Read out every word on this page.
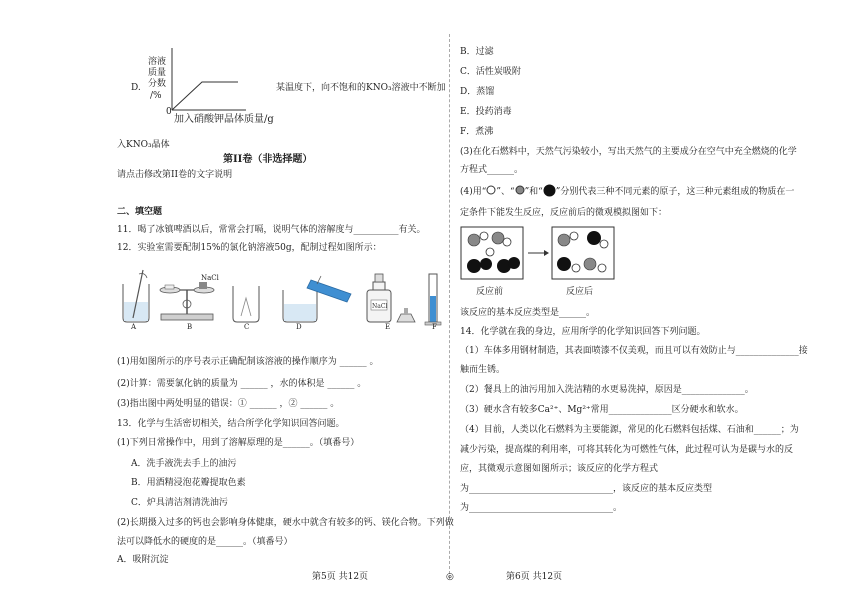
D.
溶液
质量
分数
/%
0
加入硝酸钾晶体质量/g
某温度下，向不饱和的KNO₃溶液中不断加
入KNO₃晶体
第II卷（非选择题）
请点击修改第II卷的文字说明
二、填空题
11．喝了冰镇啤酒以后，常常会打嗝，说明气体的溶解度与__________有关。
12．实验室需要配制15%的氯化钠溶液50g，配制过程如图所示：
NaCl
NaCl
A	B	C	D	E	F
(1)用如图所示的序号表示正确配制该溶液的操作顺序为 ______ 。
(2)计算：需要氯化钠的质量为 ______ ，水的体积是 ______ 。
(3)指出图中两处明显的错误：① ______ ，② ______ 。
13．化学与生活密切相关，结合所学化学知识回答问题。
(1)下列日常操作中，用到了溶解原理的是______。（填番号）
A．洗手液洗去手上的油污
B．用酒精浸泡花瓣提取色素
C．炉具清洁剂清洗油污
(2)长期摄入过多的钙也会影响身体健康，硬水中就含有较多的钙、镁化合物。下列做
法可以降低水的硬度的是______。（填番号）
A．吸附沉淀
B．过滤
C．活性炭吸附
D．蒸馏
E．投药消毒
F．煮沸
(3)在化石燃料中，天然气污染较小，写出天然气的主要成分在空气中充全燃烧的化学
方程式______。
(4)用“ ”、“ ”和“ ”分别代表三种不同元素的原子，这三种元素组成的物质在一
定条件下能发生反应，反应前后的微观模拟图如下：
反应前	反应后
该反应的基本反应类型是______。
14．化学就在我的身边，应用所学的化学知识回答下列问题。
（1）车体多用钢材制造，其表面喷漆不仅美观，而且可以有效防止与______________接
触而生锈。
（2）餐具上的油污用加入洗洁精的水更易洗掉，原因是______________。
（3）硬水含有较多Ca²⁺、Mg²⁺常用______________区分硬水和软水。
（4）目前，人类以化石燃料为主要能源，常见的化石燃料包括煤、石油和______；为
减少污染，提高煤的利用率，可将其转化为可燃性气体，此过程可认为是碳与水的反
应，其微观示意图如图所示；该反应的化学方程式
为________________________________，该反应的基本反应类型
为________________________________。
第5页 共12页	◎	第6页 共12页
